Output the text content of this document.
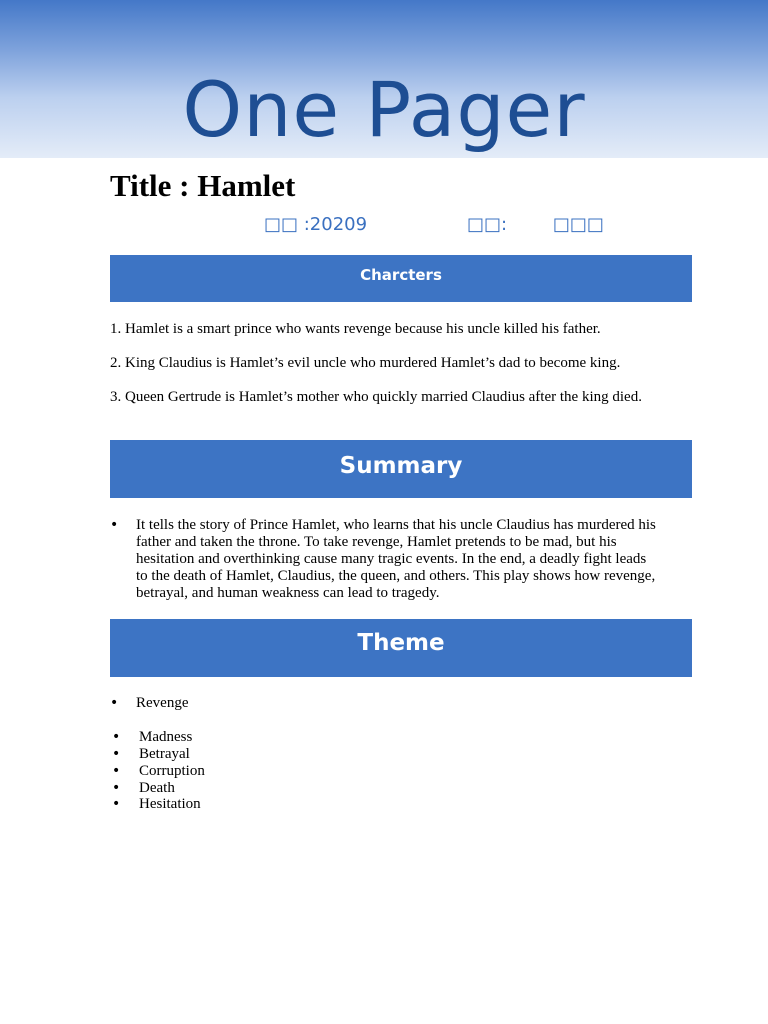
One Pager
Title : Hamlet
□□ :20209	□□:        □□□
Charcters

1. Hamlet is a smart prince who wants revenge because his uncle killed his father.

2. King Claudius is Hamlet’s evil uncle who murdered Hamlet’s dad to become king.

3. Queen Gertrude is Hamlet’s mother who quickly married Claudius after the king died.

Summary
• It tells the story of Prince Hamlet, who learns that his uncle Claudius has murdered his father and taken the throne. To take revenge, Hamlet pretends to be mad, but his hesitation and overthinking cause many tragic events. In the end, a deadly fight leads to the death of Hamlet, Claudius, the queen, and others. This play shows how revenge, betrayal, and human weakness can lead to tragedy.

Theme
• Revenge
• Madness
• Betrayal
• Corruption
• Death
• Hesitation
